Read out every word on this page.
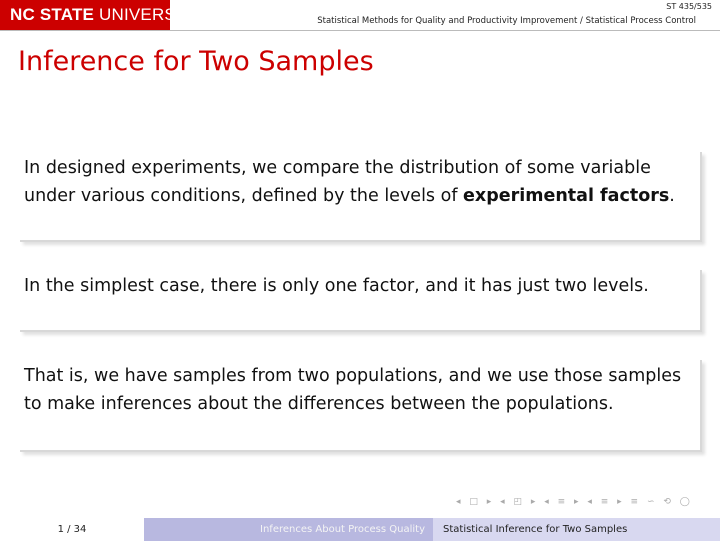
NC STATE UNIVERSITY	ST 435/535
Statistical Methods for Quality and Productivity Improvement / Statistical Process Control
Inference for Two Samples
In designed experiments, we compare the distribution of some variable under various conditions, defined by the levels of experimental factors.
In the simplest case, there is only one factor, and it has just two levels.
That is, we have samples from two populations, and we use those samples to make inferences about the differences between the populations.
◂ □ ▸ ◂ ◰ ▸ ◂ ≡ ▸ ◂ ≡ ▸ ≡ ∽ ⟲ ◯
1 / 34	Inferences About Process Quality	Statistical Inference for Two Samples
